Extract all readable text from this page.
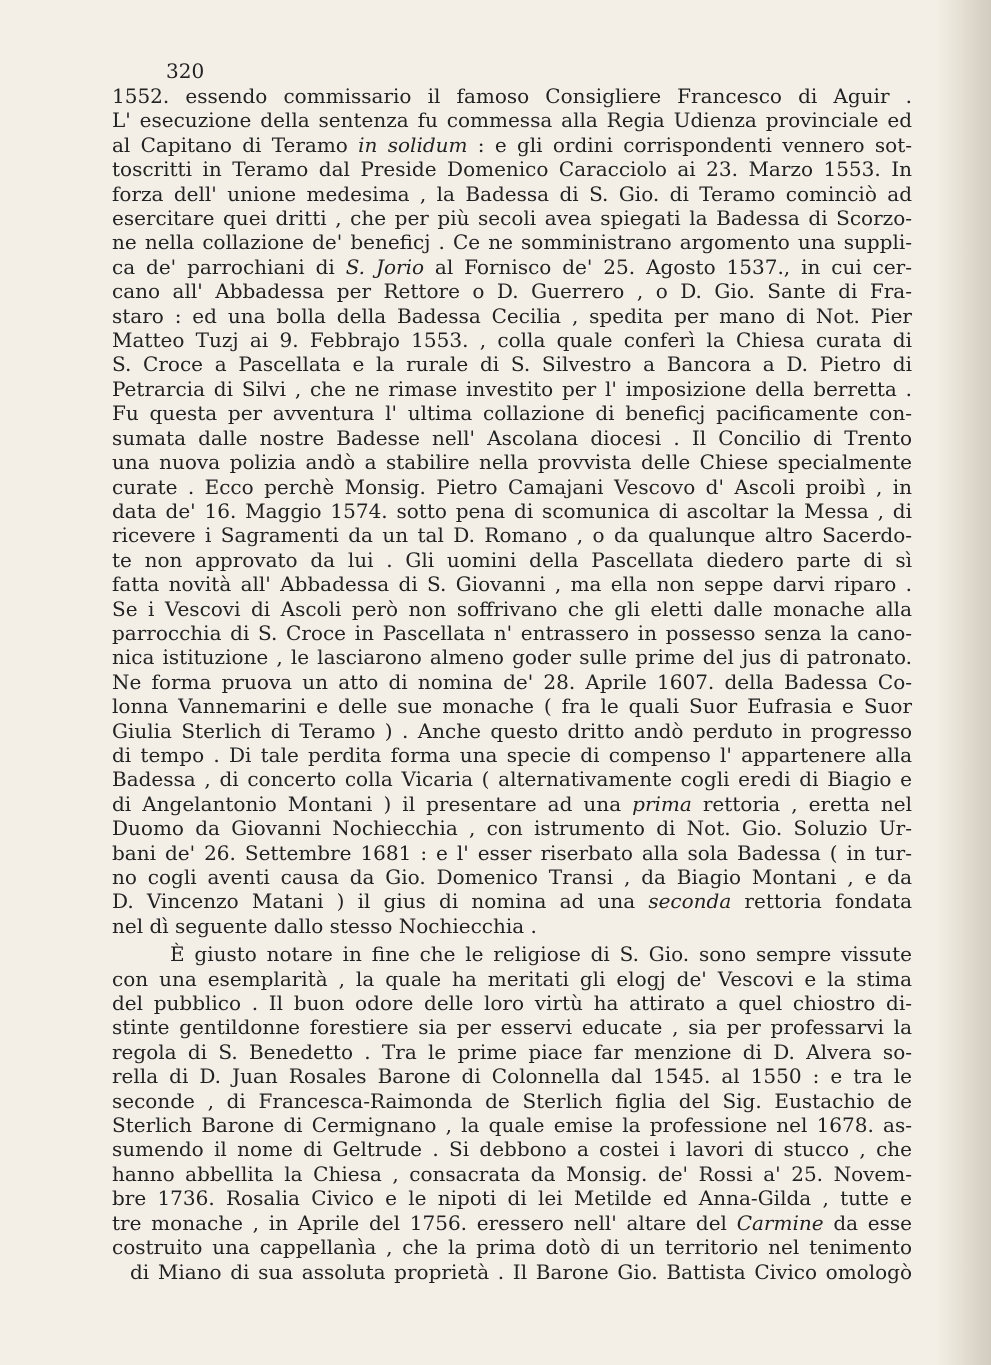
320
1552. essendo commissario il famoso Consigliere Francesco di Aguir .
L' esecuzione della sentenza fu commessa alla Regia Udienza provinciale ed
al Capitano di Teramo in solidum : e gli ordini corrispondenti vennero sot-
toscritti in Teramo dal Preside Domenico Caracciolo ai 23. Marzo 1553. In
forza dell' unione medesima , la Badessa di S. Gio. di Teramo cominciò ad
esercitare quei dritti , che per più secoli avea spiegati la Badessa di Scorzo-
ne nella collazione de' beneficj . Ce ne somministrano argomento una suppli-
ca de' parrochiani di S. Jorio al Fornisco de' 25. Agosto 1537., in cui cer-
cano all' Abbadessa per Rettore o D. Guerrero , o D. Gio. Sante di Fra-
staro : ed una bolla della Badessa Cecilia , spedita per mano di Not. Pier
Matteo Tuzj ai 9. Febbrajo 1553. , colla quale conferì la Chiesa curata di
S. Croce a Pascellata e la rurale di S. Silvestro a Bancora a D. Pietro di
Petrarcia di Silvi , che ne rimase investito per l' imposizione della berretta .
Fu questa per avventura l' ultima collazione di beneficj pacificamente con-
sumata dalle nostre Badesse nell' Ascolana diocesi . Il Concilio di Trento
una nuova polizia andò a stabilire nella provvista delle Chiese specialmente
curate . Ecco perchè Monsig. Pietro Camajani Vescovo d' Ascoli proibì , in
data de' 16. Maggio 1574. sotto pena di scomunica di ascoltar la Messa , di
ricevere i Sagramenti da un tal D. Romano , o da qualunque altro Sacerdo-
te non approvato da lui . Gli uomini della Pascellata diedero parte di sì
fatta novità all' Abbadessa di S. Giovanni , ma ella non seppe darvi riparo .
Se i Vescovi di Ascoli però non soffrivano che gli eletti dalle monache alla
parrocchia di S. Croce in Pascellata n' entrassero in possesso senza la cano-
nica istituzione , le lasciarono almeno goder sulle prime del jus di patronato.
Ne forma pruova un atto di nomina de' 28. Aprile 1607. della Badessa Co-
lonna Vannemarini e delle sue monache ( fra le quali Suor Eufrasia e Suor
Giulia Sterlich di Teramo ) . Anche questo dritto andò perduto in progresso
di tempo . Di tale perdita forma una specie di compenso l' appartenere alla
Badessa , di concerto colla Vicaria ( alternativamente cogli eredi di Biagio e
di Angelantonio Montani ) il presentare ad una prima rettoria , eretta nel
Duomo da Giovanni Nochiecchia , con istrumento di Not. Gio. Soluzio Ur-
bani de' 26. Settembre 1681 : e l' esser riserbato alla sola Badessa ( in tur-
no cogli aventi causa da Gio. Domenico Transi , da Biagio Montani , e da
D. Vincenzo Matani ) il gius di nomina ad una seconda rettoria fondata
nel dì seguente dallo stesso Nochiecchia .
È giusto notare in fine che le religiose di S. Gio. sono sempre vissute
con una esemplarità , la quale ha meritati gli elogj de' Vescovi e la stima
del pubblico . Il buon odore delle loro virtù ha attirato a quel chiostro di-
stinte gentildonne forestiere sia per esservi educate , sia per professarvi la
regola di S. Benedetto . Tra le prime piace far menzione di D. Alvera so-
rella di D. Juan Rosales Barone di Colonnella dal 1545. al 1550 : e tra le
seconde , di Francesca-Raimonda de Sterlich figlia del Sig. Eustachio de
Sterlich Barone di Cermignano , la quale emise la professione nel 1678. as-
sumendo il nome di Geltrude . Si debbono a costei i lavori di stucco , che
hanno abbellita la Chiesa , consacrata da Monsig. de' Rossi a' 25. Novem-
bre 1736. Rosalia Civico e le nipoti di lei Metilde ed Anna-Gilda , tutte e
tre monache , in Aprile del 1756. eressero nell' altare del Carmine da esse
costruito una cappellanìa , che la prima dotò di un territorio nel tenimento
di Miano di sua assoluta proprietà . Il Barone Gio. Battista Civico omologò
